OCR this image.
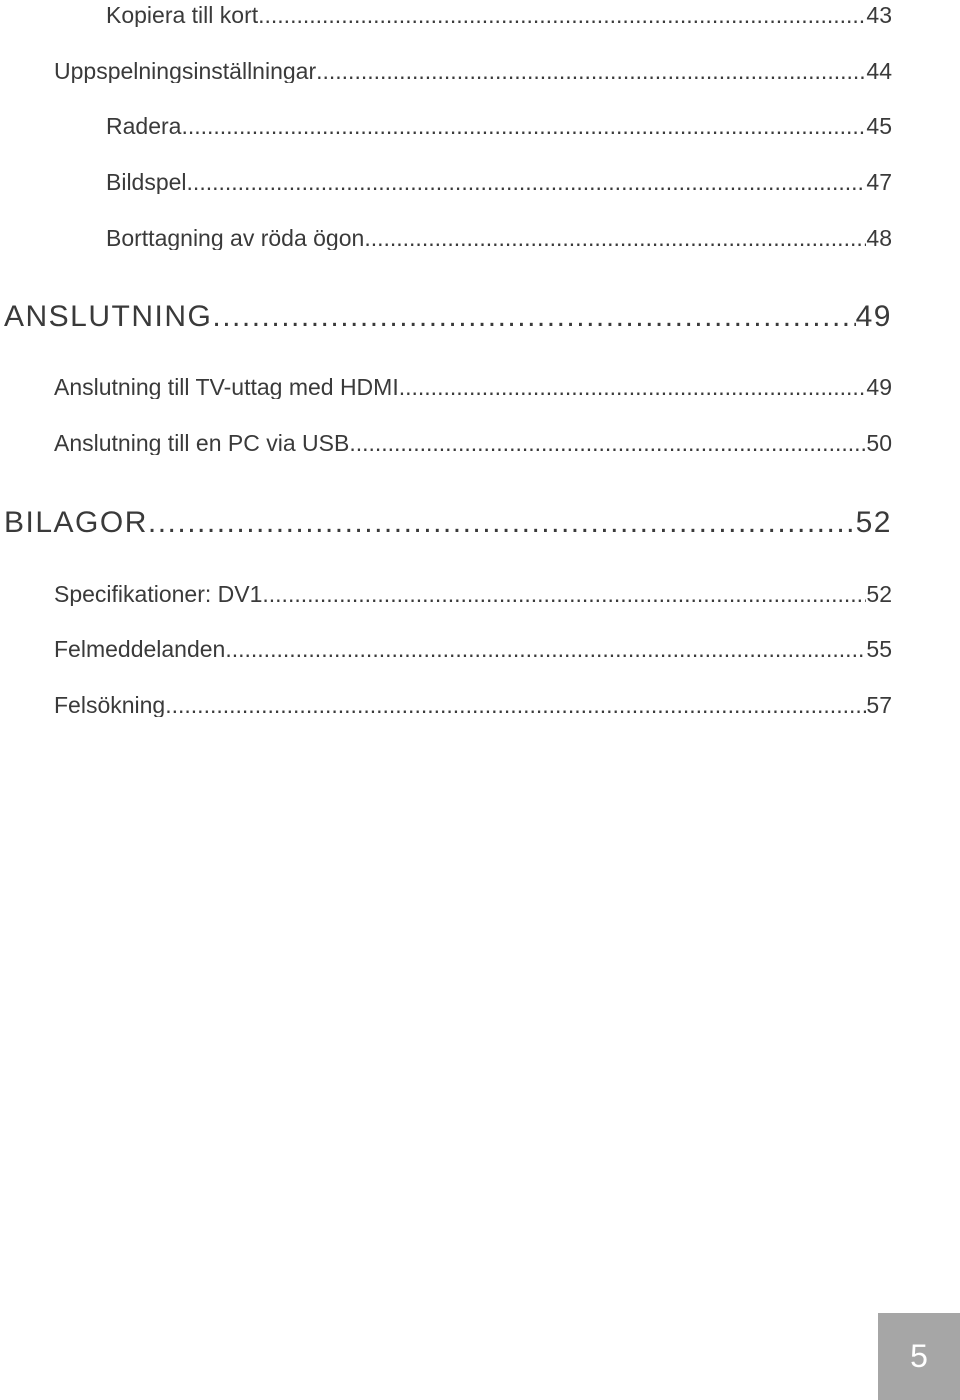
Kopiera till kort .....	43
Uppspelningsinställningar .....	44
Radera .....	45
Bildspel .....	47
Borttagning av röda ögon .....	48
ANSLUTNING .....	49
Anslutning till TV-uttag med HDMI .....	49
Anslutning till en PC via USB .....	50
BILAGOR .....	52
Specifikationer: DV1 .....	52
Felmeddelanden .....	55
Felsökning .....	57
5
